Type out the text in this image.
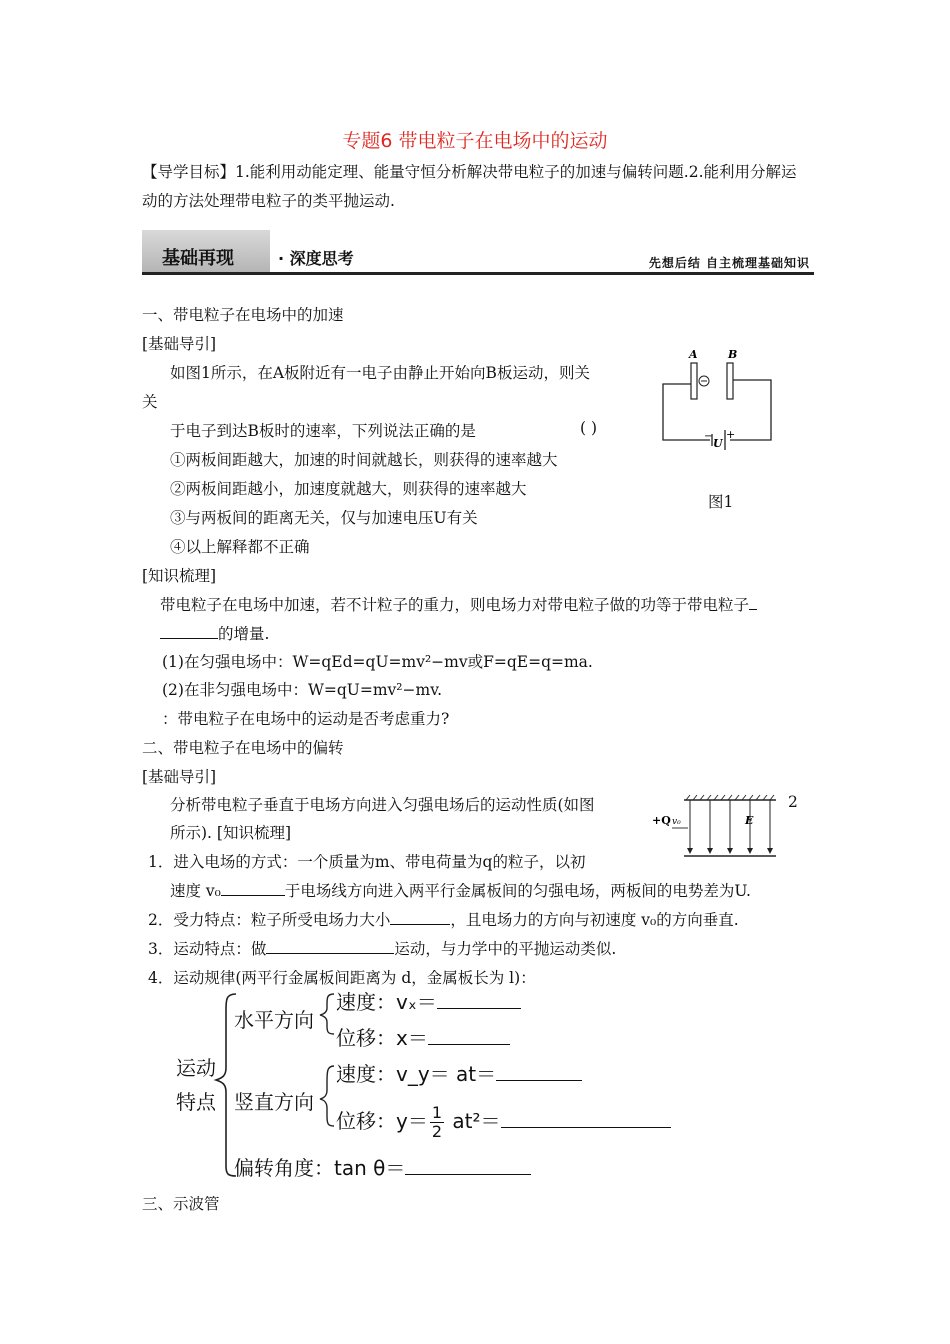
专题6 带电粒子在电场中的运动
【导学目标】1.能利用动能定理、能量守恒分析解决带电粒子的加速与偏转问题.2.能利用分解运动的方法处理带电粒子的类平抛运动.
基础再现	· 深度思考	先想后结 自主梳理基础知识
一、带电粒子在电场中的加速
[基础导引]
如图1所示，在A板附近有一电子由静止开始向B板运动，则关
关
于电子到达B板时的速率，下列说法正确的是	( )
①两板间距越大，加速的时间就越长，则获得的速率越大
②两板间距越小，加速度就越大，则获得的速率越大
③与两板间的距离无关，仅与加速电压U有关
④以上解释都不正确
A	B
−
U
+
图1
[知识梳理]
带电粒子在电场中加速，若不计粒子的重力，则电场力对带电粒子做的功等于带电粒子
的增量.
(1)在匀强电场中：W=qEd=qU=mv²−mv或F=qE=q=ma.
(2)在非匀强电场中：W=qU=mv²−mv.
：带电粒子在电场中的运动是否考虑重力?
二、带电粒子在电场中的偏转
[基础导引]
分析带电粒子垂直于电场方向进入匀强电场后的运动性质(如图	2
所示). [知识梳理]
+Q v₀	E
1．进入电场的方式：一个质量为m、带电荷量为q的粒子，以初
速度 v₀	于电场线方向进入两平行金属板间的匀强电场，两板间的电势差为U.
2．受力特点：粒子所受电场力大小	，且电场力的方向与初速度 v₀的方向垂直.
3．运动特点：做	运动，与力学中的平抛运动类似.
4．运动规律(两平行金属板间距离为 d，金属板长为 l)：
运动
特点
水平方向
竖直方向
速度：vₓ＝
位移：x＝
速度：v_y＝ at＝
位移：$y= \frac{1}{2} at^2=$
偏转角度：tan θ＝
三、示波管
